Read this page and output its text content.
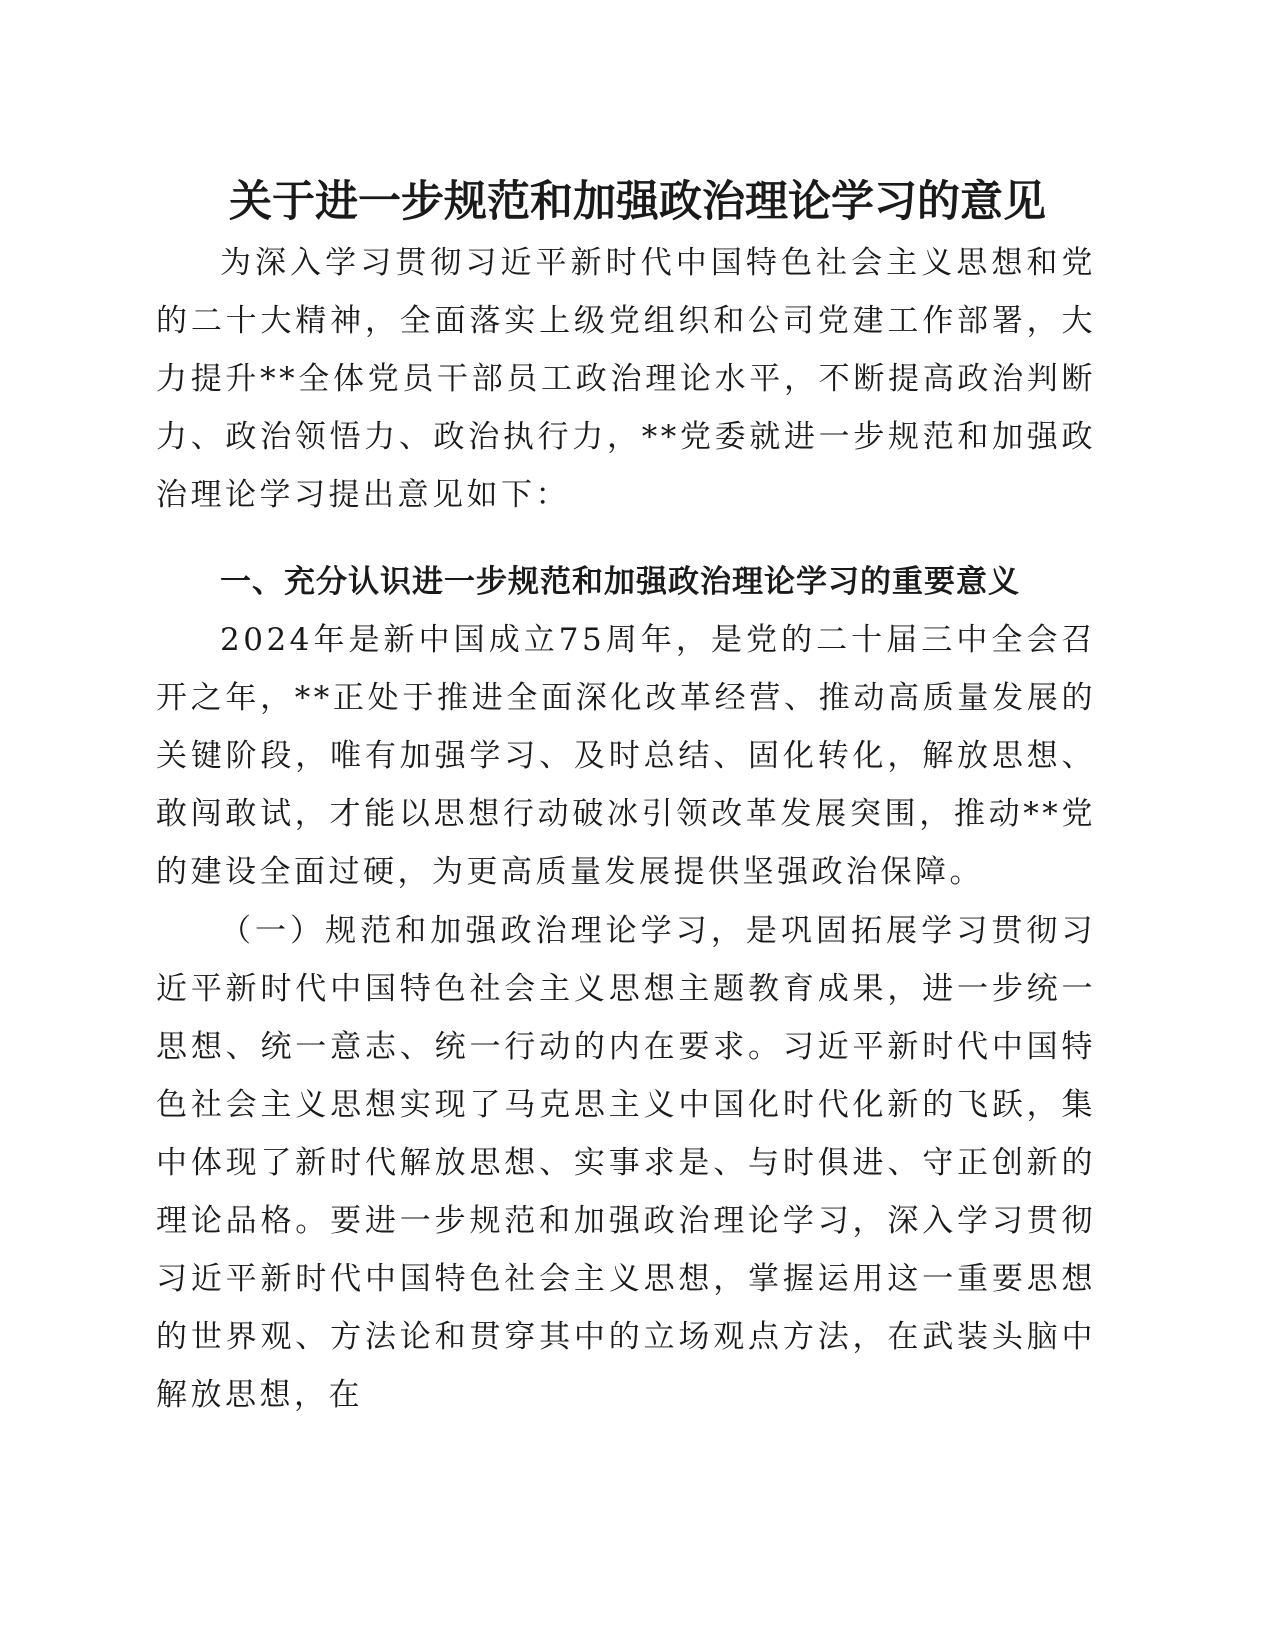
关于进一步规范和加强政治理论学习的意见

为深入学习贯彻习近平新时代中国特色社会主义思想和党的二十大精神，全面落实上级党组织和公司党建工作部署，大力提升**全体党员干部员工政治理论水平，不断提高政治判断力、政治领悟力、政治执行力，**党委就进一步规范和加强政治理论学习提出意见如下：

一、充分认识进一步规范和加强政治理论学习的重要意义

2024年是新中国成立75周年，是党的二十届三中全会召开之年，**正处于推进全面深化改革经营、推动高质量发展的关键阶段，唯有加强学习、及时总结、固化转化，解放思想、敢闯敢试，才能以思想行动破冰引领改革发展突围，推动**党的建设全面过硬，为更高质量发展提供坚强政治保障。

（一）规范和加强政治理论学习，是巩固拓展学习贯彻习近平新时代中国特色社会主义思想主题教育成果，进一步统一思想、统一意志、统一行动的内在要求。习近平新时代中国特色社会主义思想实现了马克思主义中国化时代化新的飞跃，集中体现了新时代解放思想、实事求是、与时俱进、守正创新的理论品格。要进一步规范和加强政治理论学习，深入学习贯彻习近平新时代中国特色社会主义思想，掌握运用这一重要思想的世界观、方法论和贯穿其中的立场观点方法，在武装头脑中解放思想，在
